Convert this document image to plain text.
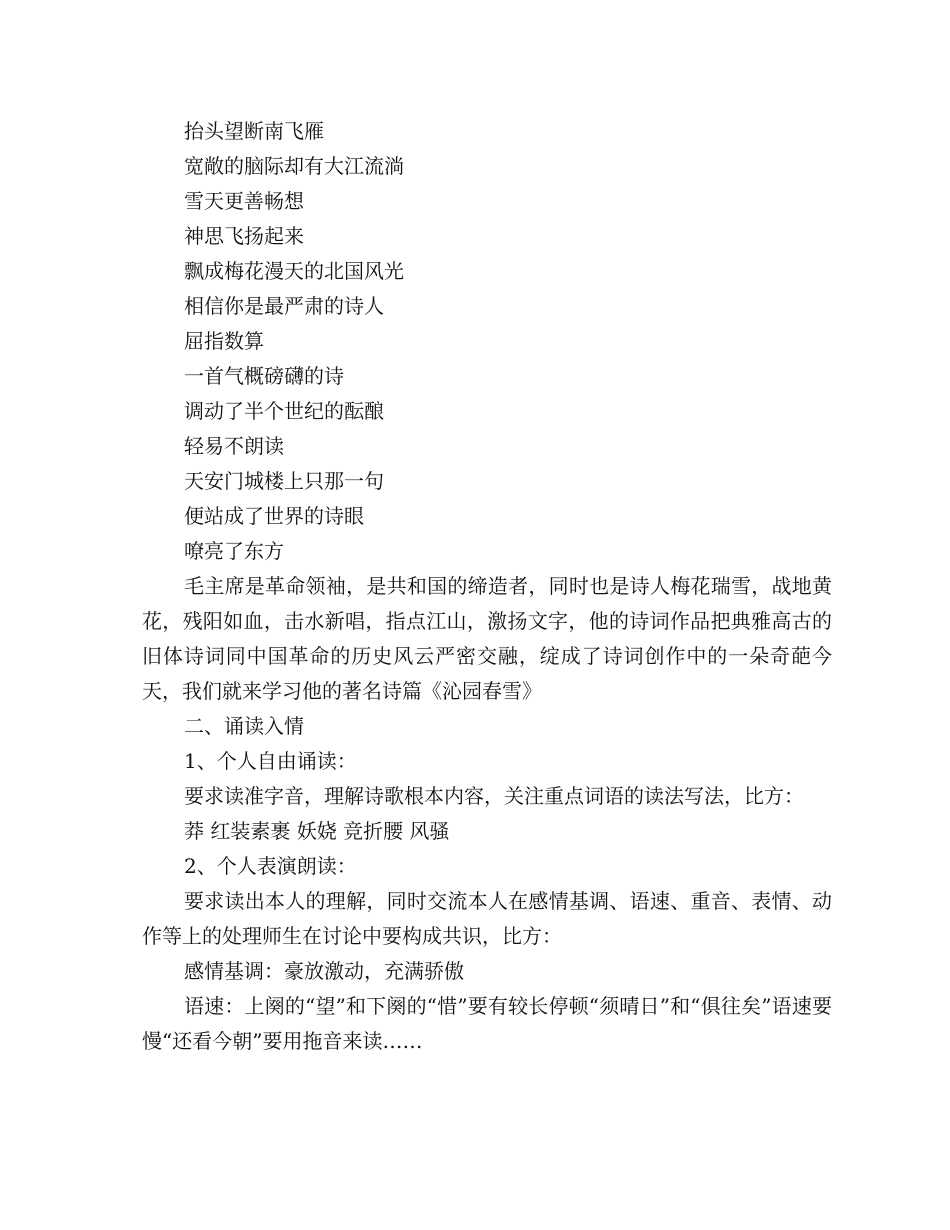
抬头望断南飞雁
宽敞的脑际却有大江流淌
雪天更善畅想
神思飞扬起来
飘成梅花漫天的北国风光
相信你是最严肃的诗人
屈指数算
一首气概磅礴的诗
调动了半个世纪的酝酿
轻易不朗读
天安门城楼上只那一句
便站成了世界的诗眼
嘹亮了东方

毛主席是革命领袖，是共和国的缔造者，同时也是诗人梅花瑞雪，战地黄花，残阳如血，击水新唱，指点江山，激扬文字，他的诗词作品把典雅高古的旧体诗词同中国革命的历史风云严密交融，绽成了诗词创作中的一朵奇葩今天，我们就来学习他的著名诗篇《沁园春雪》

二、诵读入情
1、个人自由诵读：

要求读准字音，理解诗歌根本内容，关注重点词语的读法写法，比方：

莽 红装素裹 妖娆 竞折腰 风骚
2、个人表演朗读：

要求读出本人的理解，同时交流本人在感情基调、语速、重音、表情、动作等上的处理师生在讨论中要构成共识，比方：

感情基调：豪放激动，充满骄傲

语速：上阕的“望”和下阕的“惜”要有较长停顿“须晴日”和“俱往矣”语速要慢“还看今朝”要用拖音来读……
